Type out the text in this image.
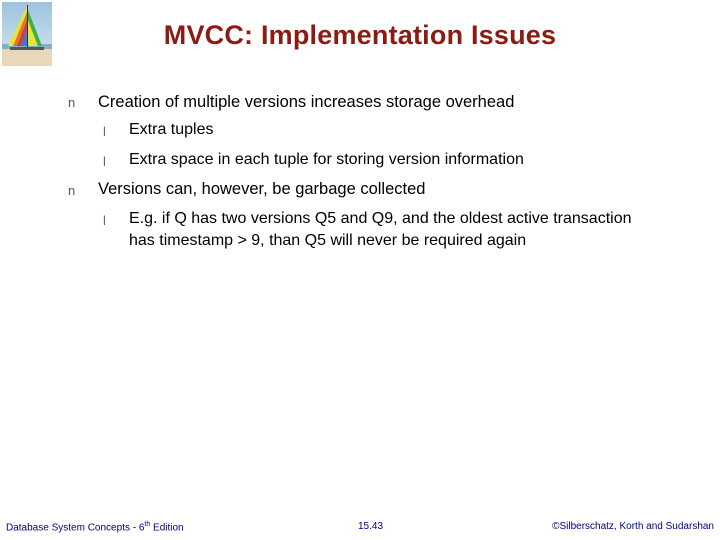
MVCC: Implementation Issues
n Creation of multiple versions increases storage overhead
l Extra tuples
l Extra space in each tuple for storing version information
n Versions can, however, be garbage collected
l E.g. if Q has two versions Q5 and Q9, and the oldest active transaction has timestamp > 9, than Q5 will never be required again
Database System Concepts - 6th Edition	15.43	©Silberschatz, Korth and Sudarshan
